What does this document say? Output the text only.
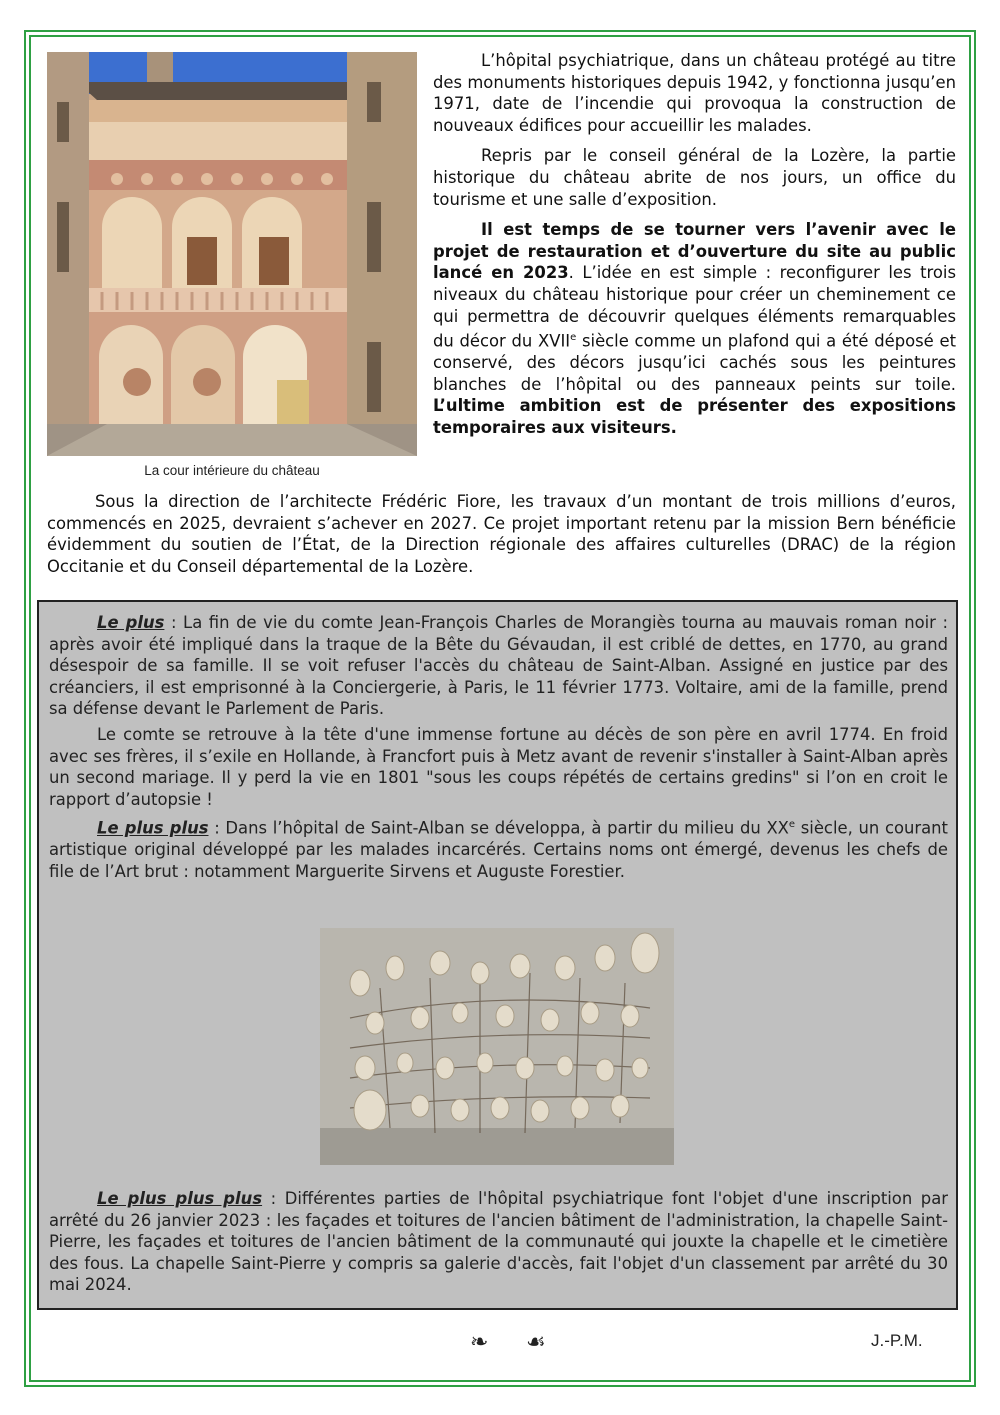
La cour intérieure du château

L’hôpital psychiatrique, dans un château protégé au titre des monuments historiques depuis 1942, y fonctionna jusqu’en 1971, date de l’incendie qui provoqua la construction de nouveaux édifices pour accueillir les malades.

Repris par le conseil général de la Lozère, la partie historique du château abrite de nos jours, un office du tourisme et une salle d’exposition.

Il est temps de se tourner vers l’avenir avec le projet de restauration et d’ouverture du site au public lancé en 2023. L’idée en est simple : reconfigurer les trois niveaux du château historique pour créer un cheminement ce qui permettra de découvrir quelques éléments remarquables du décor du XVIIe siècle comme un plafond qui a été déposé et conservé, des décors jusqu’ici cachés sous les peintures blanches de l’hôpital ou des panneaux peints sur toile. L’ultime ambition est de présenter des expositions temporaires aux visiteurs.

Sous la direction de l’architecte Frédéric Fiore, les travaux d’un montant de trois millions d’euros, commencés en 2025, devraient s’achever en 2027. Ce projet important retenu par la mission Bern bénéficie évidemment du soutien de l’État, de la Direction régionale des affaires culturelles (DRAC) de la région Occitanie et du Conseil départemental de la Lozère.

Le plus : La fin de vie du comte Jean-François Charles de Morangiès tourna au mauvais roman noir : après avoir été impliqué dans la traque de la Bête du Gévaudan, il est criblé de dettes, en 1770, au grand désespoir de sa famille. Il se voit refuser l'accès du château de Saint-Alban. Assigné en justice par des créanciers, il est emprisonné à la Conciergerie, à Paris, le 11 février 1773. Voltaire, ami de la famille, prend sa défense devant le Parlement de Paris.

Le comte se retrouve à la tête d'une immense fortune au décès de son père en avril 1774. En froid avec ses frères, il s’exile en Hollande, à Francfort puis à Metz avant de revenir s'installer à Saint-Alban après un second mariage. Il y perd la vie en 1801 "sous les coups répétés de certains gredins" si l’on en croit le rapport d’autopsie !

Le plus plus : Dans l’hôpital de Saint-Alban se développa, à partir du milieu du XXe siècle, un courant artistique original développé par les malades incarcérés. Certains noms ont émergé, devenus les chefs de file de l’Art brut : notamment Marguerite Sirvens et Auguste Forestier.

Le plus plus plus : Différentes parties de l'hôpital psychiatrique font l'objet d'une inscription par arrêté du 26 janvier 2023 : les façades et toitures de l'ancien bâtiment de l'administration, la chapelle Saint-Pierre, les façades et toitures de l'ancien bâtiment de la communauté qui jouxte la chapelle et le cimetière des fous. La chapelle Saint-Pierre y compris sa galerie d'accès, fait l'objet d'un classement par arrêté du 30 mai 2024.

❧ ☙	J.-P.M.
